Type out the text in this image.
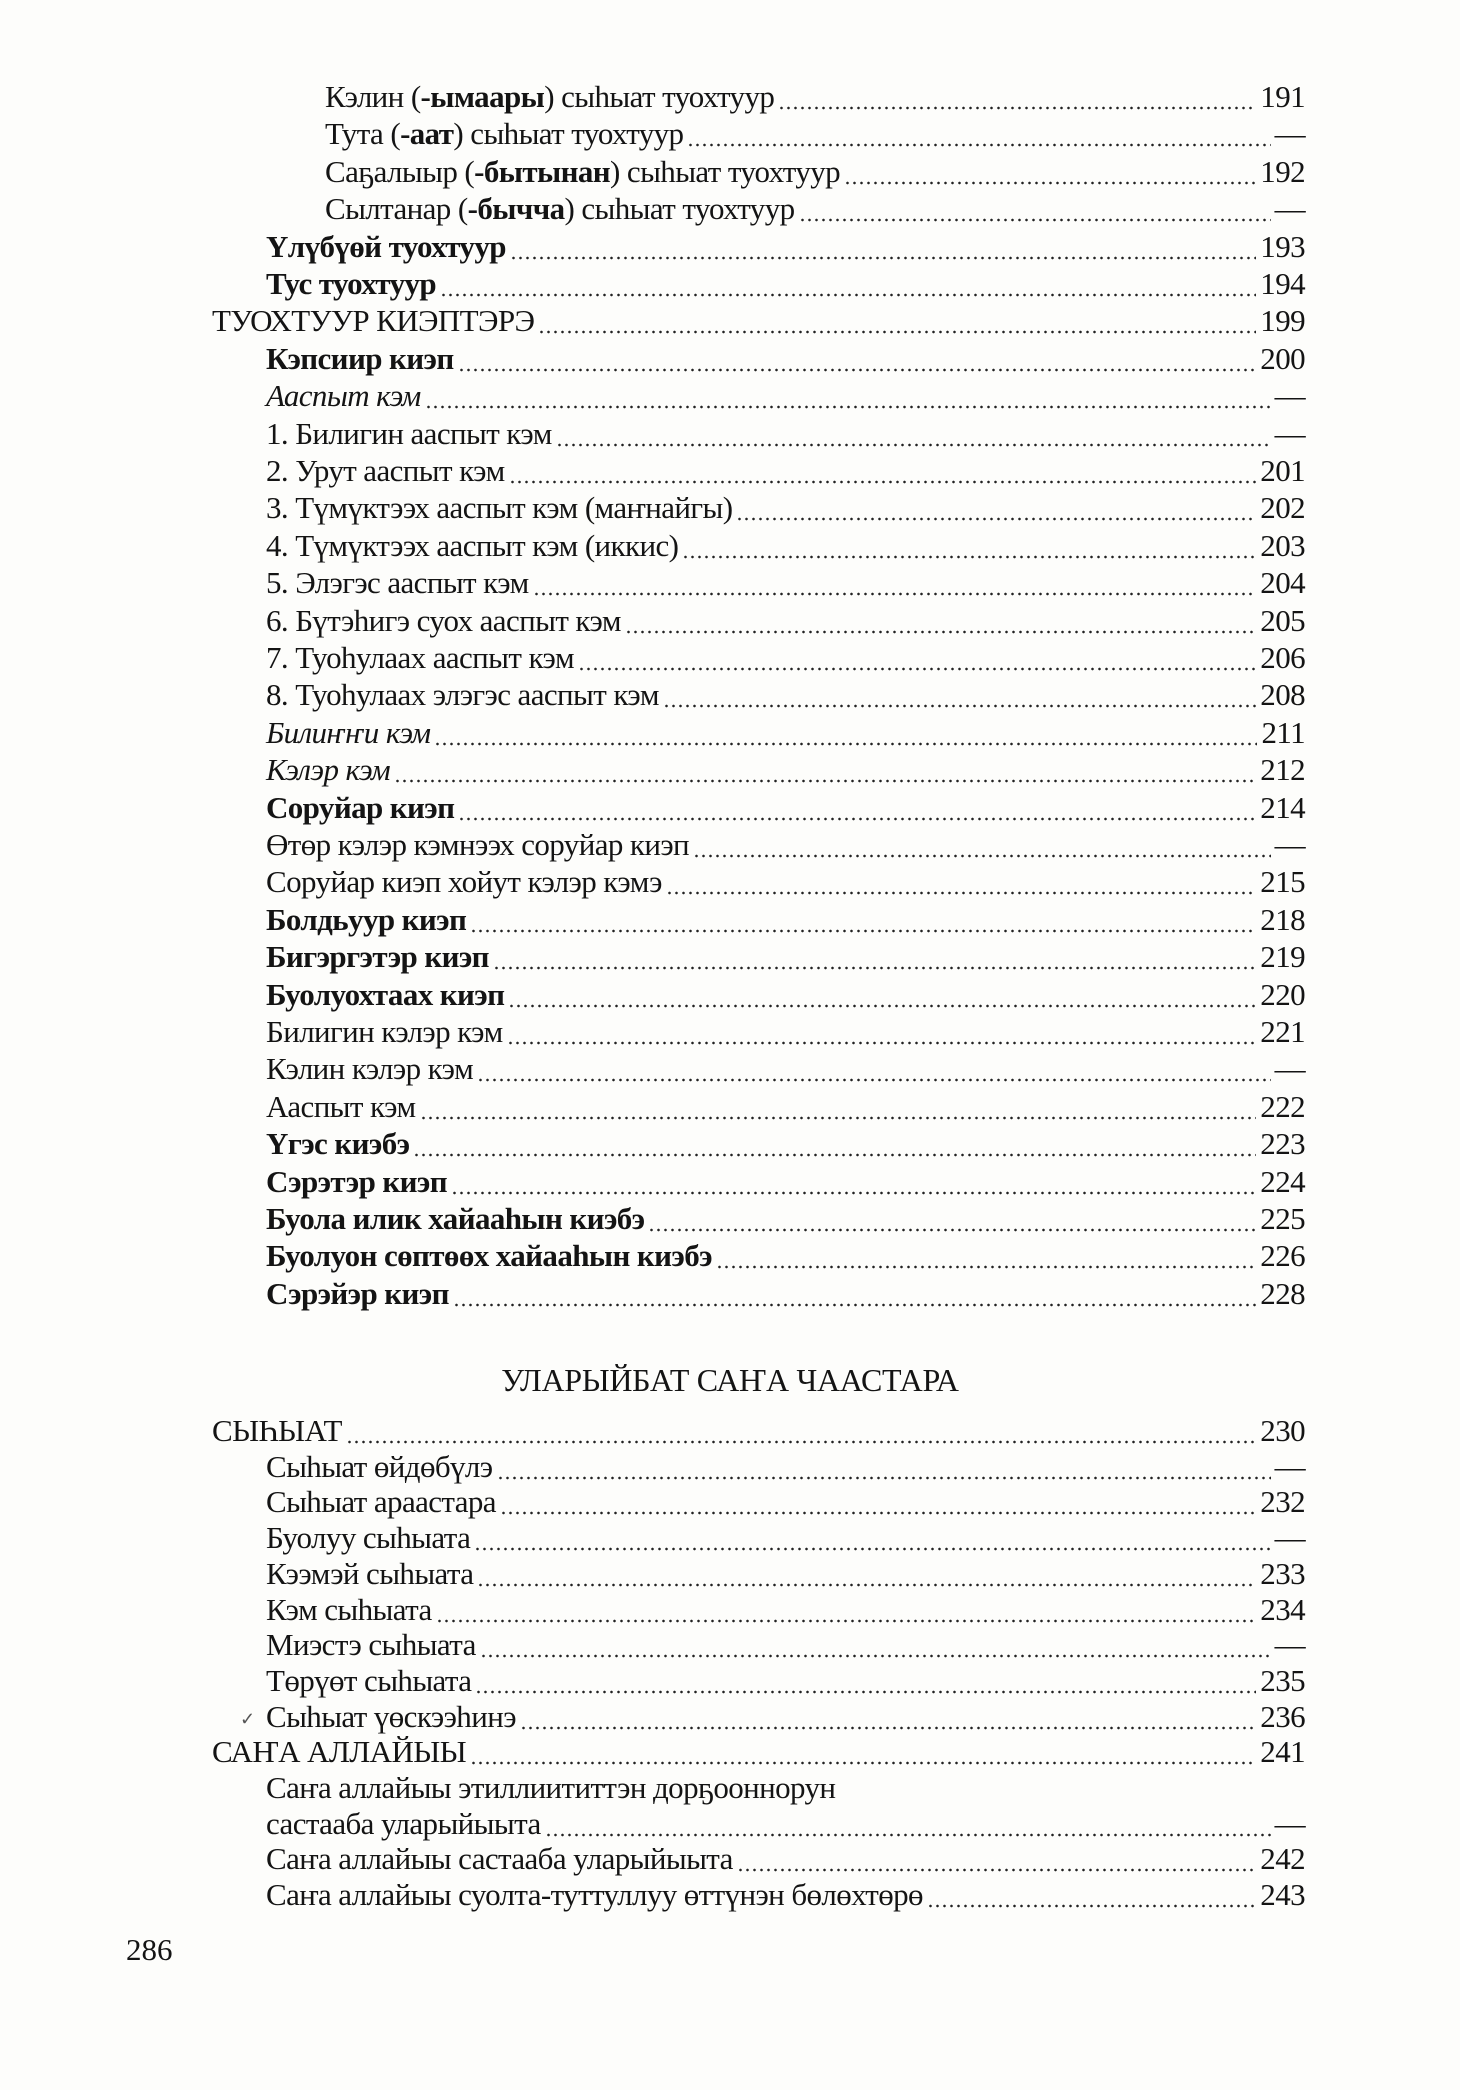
Кэлин (-ымаары) сыһыат туохтуур	191
Тута (-аат) сыһыат туохтуур	—
Саҕалыыр (-бытынан) сыһыат туохтуур	192
Сылтанар (-бычча) сыһыат туохтуур	—
Үлүбүөй туохтуур	193
Тус туохтуур	194
ТУОХТУУР КИЭПТЭРЭ	199
Кэпсиир киэп	200
Ааспыт кэм	—
1. Билигин ааспыт кэм	—
2. Урут ааспыт кэм	201
3. Түмүктээх ааспыт кэм (маҥнайгы)	202
4. Түмүктээх ааспыт кэм (иккис)	203
5. Элэгэс ааспыт кэм	204
6. Бүтэһигэ суох ааспыт кэм	205
7. Туоһулаах ааспыт кэм	206
8. Туоһулаах элэгэс ааспыт кэм	208
Билиҥҥи кэм	211
Кэлэр кэм	212
Соруйар киэп	214
Өтөр кэлэр кэмнээх соруйар киэп	—
Соруйар киэп хойут кэлэр кэмэ	215
Болдьуур киэп	218
Бигэргэтэр киэп	219
Буолуохтаах киэп	220
Билигин кэлэр кэм	221
Кэлин кэлэр кэм	—
Ааспыт кэм	222
Үгэс киэбэ	223
Сэрэтэр киэп	224
Буола илик хайааһын киэбэ	225
Буолуон сөптөөх хайааһын киэбэ	226
Сэрэйэр киэп	228
СЫҺЫАТ	230
Сыһыат өйдөбүлэ	—
Сыһыат араастара	232
Буолуу сыһыата	—
Кээмэй сыһыата	233
Кэм сыһыата	234
Миэстэ сыһыата	—
Төрүөт сыһыата	235
Сыһыат үөскээһинэ	236
САҤА АЛЛАЙЫЫ	241
Саҥа аллайыы этиллиититтэн дорҕооннорун
састааба уларыйыыта	—
Саҥа аллайыы састааба уларыйыыта	242
Саҥа аллайыы суолта-туттуллуу өттүнэн бөлөхтөрө	243
УЛАРЫЙБАТ САҤА ЧААСТАРА
✓
286
